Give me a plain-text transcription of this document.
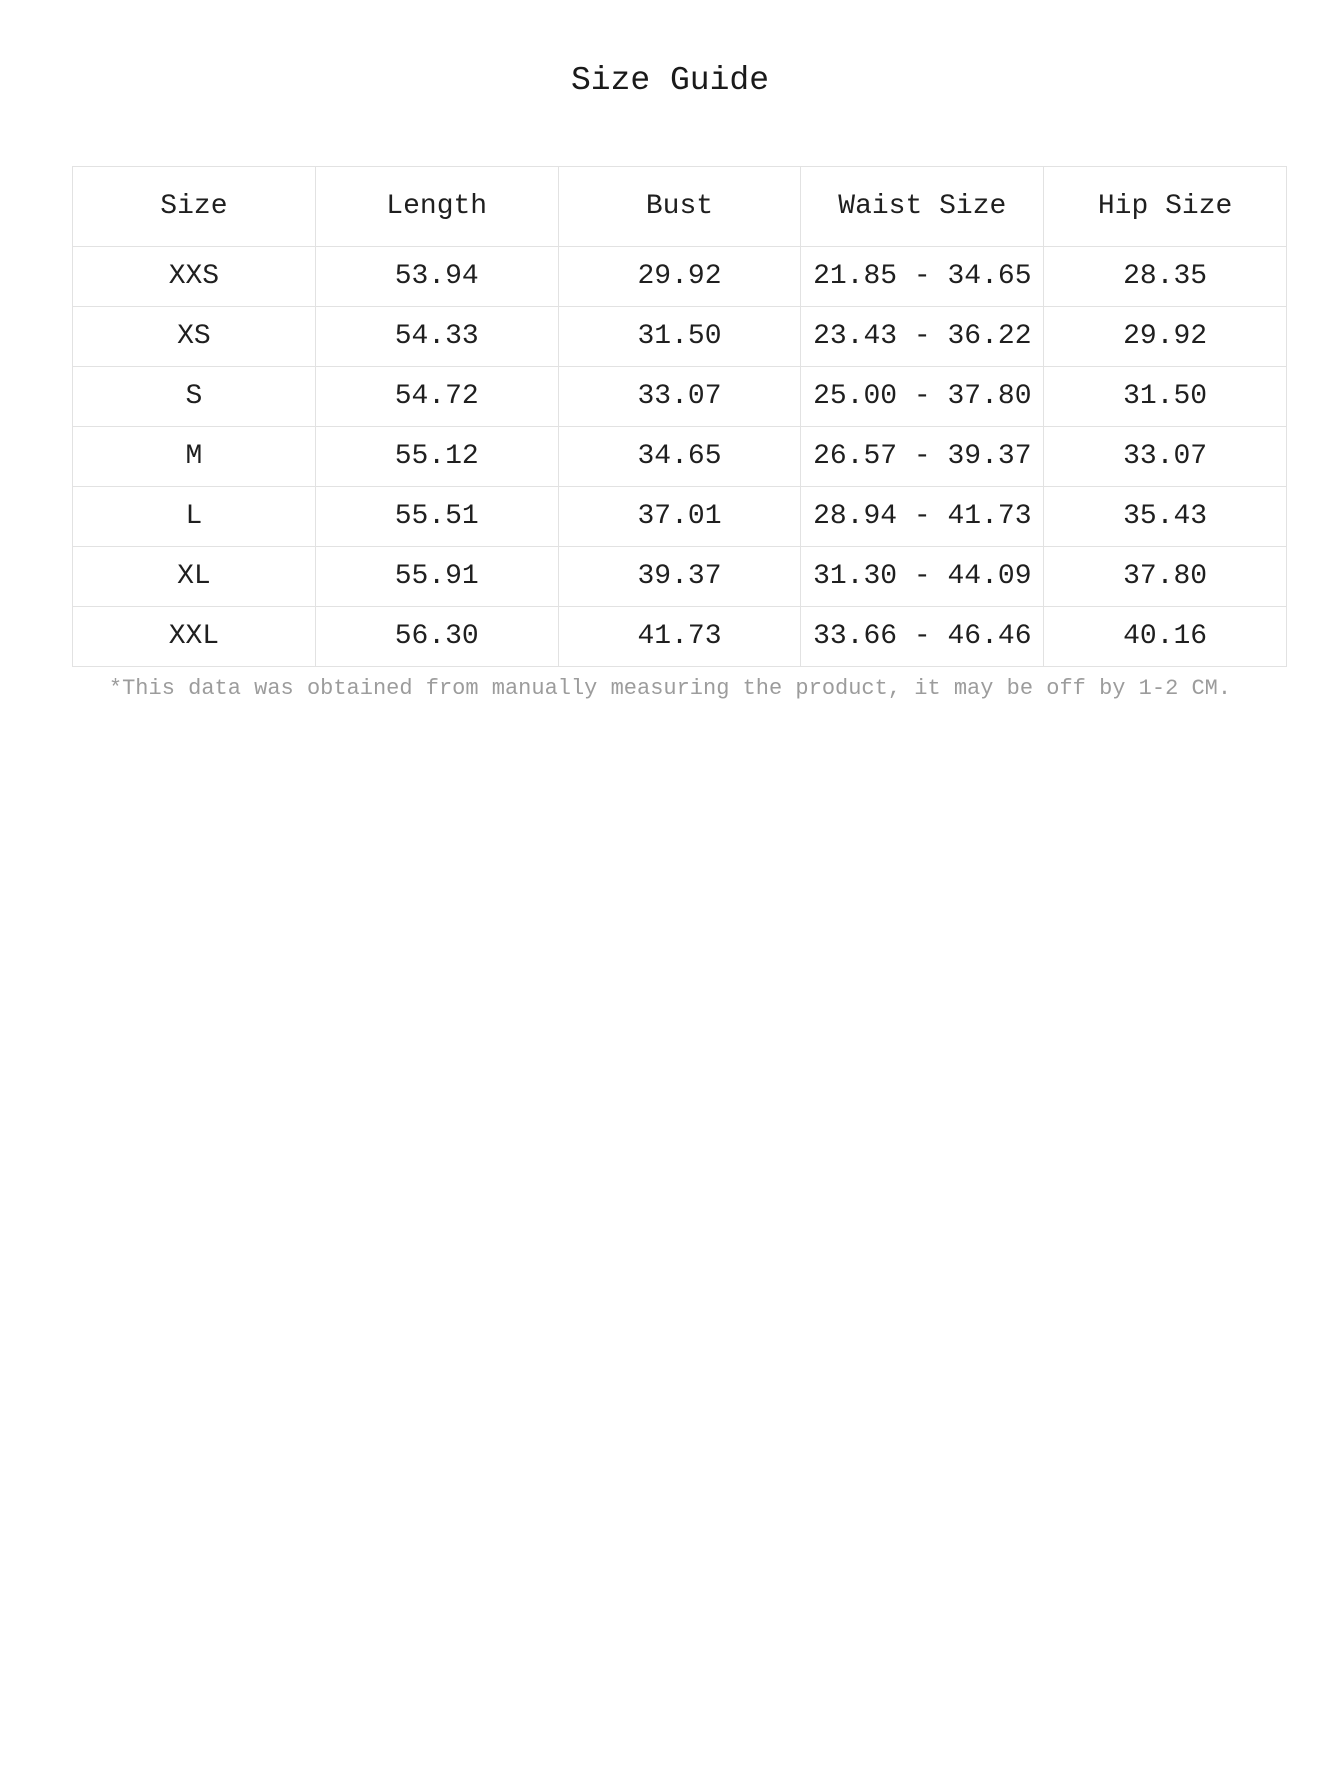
Size Guide
Size	Length	Bust	Waist Size	Hip Size
XXS	53.94	29.92	21.85 - 34.65	28.35
XS	54.33	31.50	23.43 - 36.22	29.92
S	54.72	33.07	25.00 - 37.80	31.50
M	55.12	34.65	26.57 - 39.37	33.07
L	55.51	37.01	28.94 - 41.73	35.43
XL	55.91	39.37	31.30 - 44.09	37.80
XXL	56.30	41.73	33.66 - 46.46	40.16
*This data was obtained from manually measuring the product, it may be off by 1-2 CM.
